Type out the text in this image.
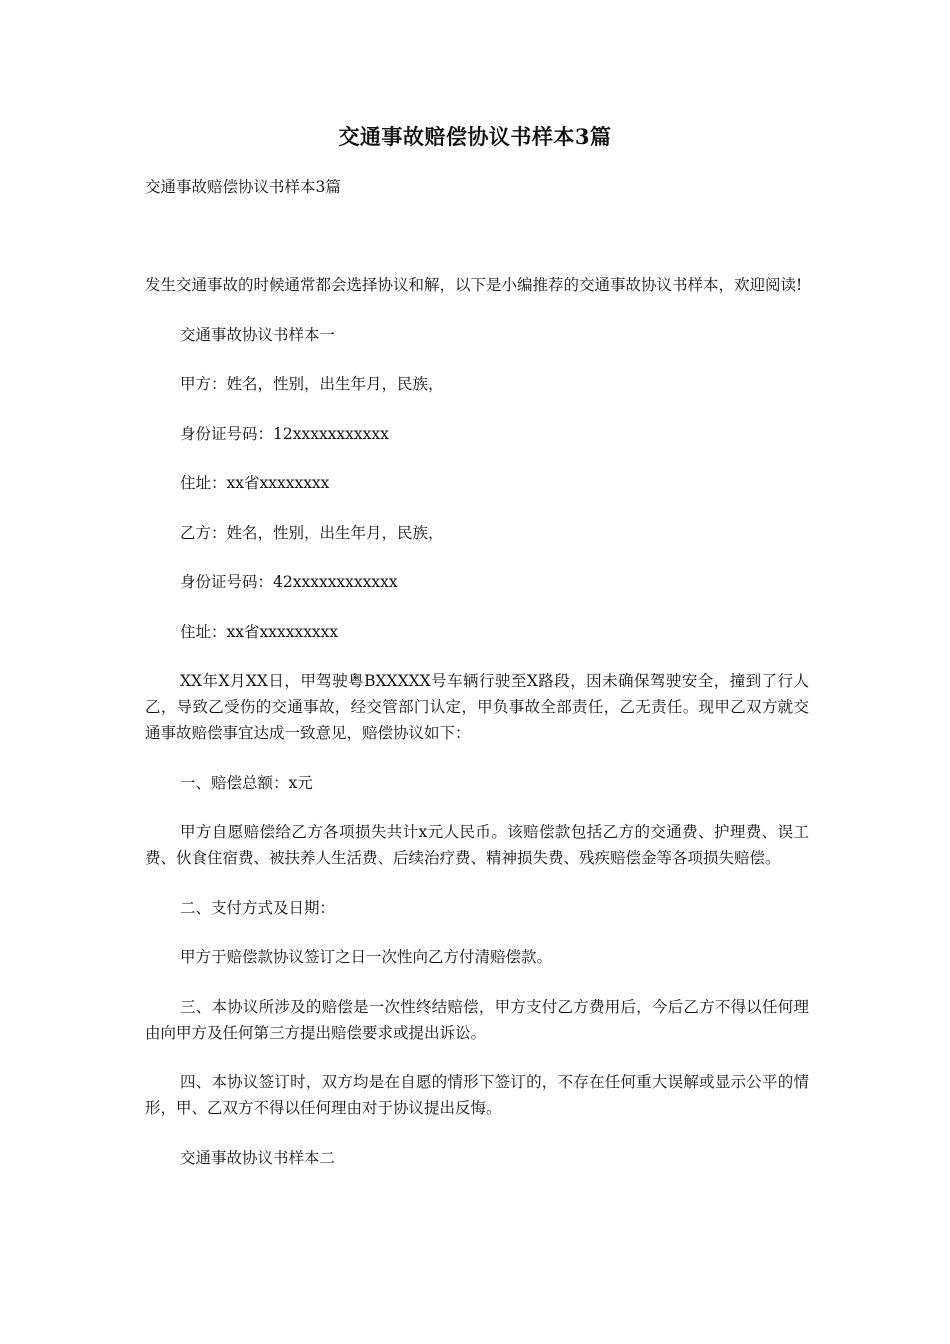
交通事故赔偿协议书样本3篇
交通事故赔偿协议书样本3篇

发生交通事故的时候通常都会选择协议和解，以下是小编推荐的交通事故协议书样本，欢迎阅读!

交通事故协议书样本一

甲方：姓名，性别，出生年月，民族，

身份证号码：12xxxxxxxxxxx

住址：xx省xxxxxxxx

乙方：姓名，性别，出生年月，民族，

身份证号码：42xxxxxxxxxxxx

住址：xx省xxxxxxxxx

XX年X月XX日，甲驾驶粤BXXXXX号车辆行驶至X路段，因未确保驾驶安全，撞到了行人乙，导致乙受伤的交通事故，经交管部门认定，甲负事故全部责任，乙无责任。现甲乙双方就交通事故赔偿事宜达成一致意见，赔偿协议如下：

一、赔偿总额：x元

甲方自愿赔偿给乙方各项损失共计x元人民币。该赔偿款包括乙方的交通费、护理费、误工费、伙食住宿费、被扶养人生活费、后续治疗费、精神损失费、残疾赔偿金等各项损失赔偿。

二、支付方式及日期：

甲方于赔偿款协议签订之日一次性向乙方付清赔偿款。

三、本协议所涉及的赔偿是一次性终结赔偿，甲方支付乙方费用后，今后乙方不得以任何理由向甲方及任何第三方提出赔偿要求或提出诉讼。

四、本协议签订时，双方均是在自愿的情形下签订的，不存在任何重大误解或显示公平的情形，甲、乙双方不得以任何理由对于协议提出反悔。

交通事故协议书样本二
